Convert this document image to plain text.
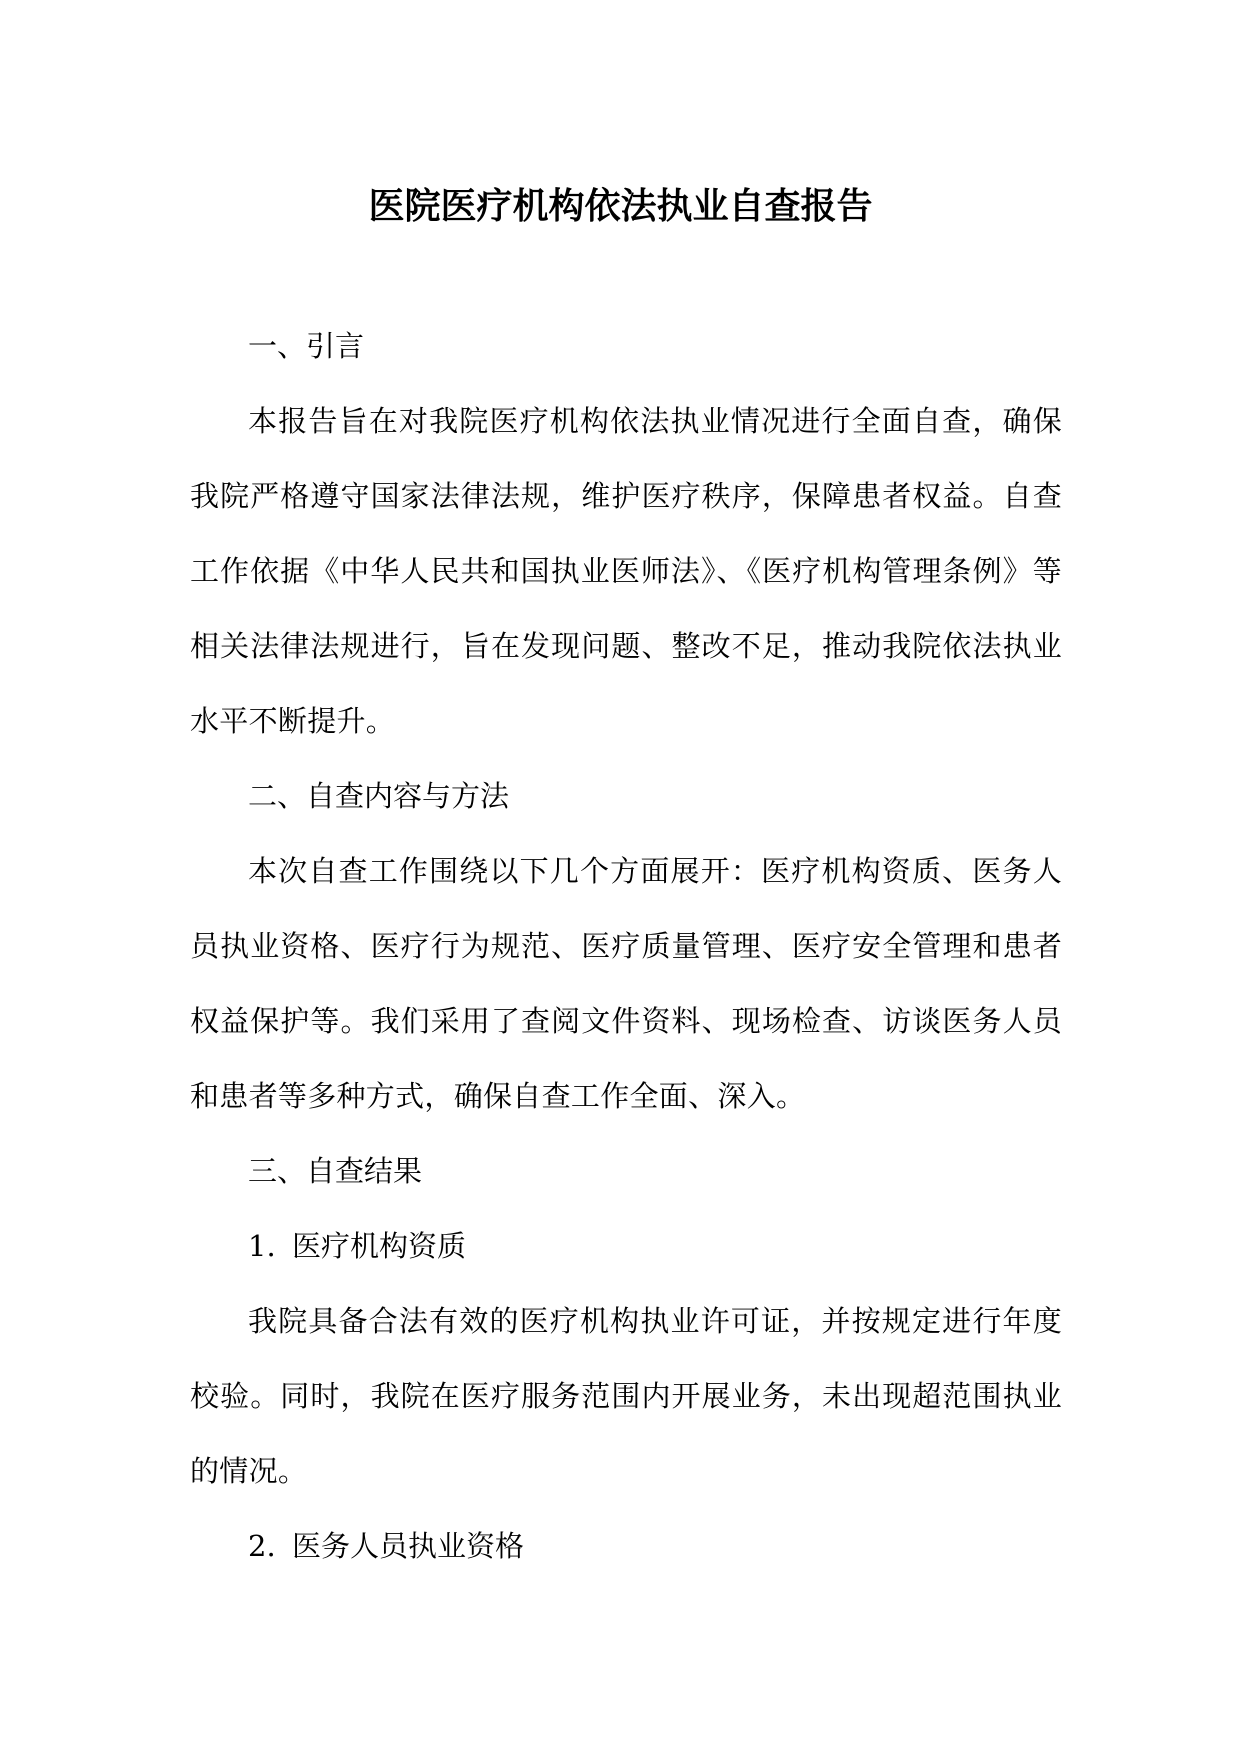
医院医疗机构依法执业自查报告

一、引言

本报告旨在对我院医疗机构依法执业情况进行全面自查，确保我院严格遵守国家法律法规，维护医疗秩序，保障患者权益。自查工作依据《中华人民共和国执业医师法》、《医疗机构管理条例》等相关法律法规进行，旨在发现问题、整改不足，推动我院依法执业水平不断提升。

二、自查内容与方法

本次自查工作围绕以下几个方面展开：医疗机构资质、医务人员执业资格、医疗行为规范、医疗质量管理、医疗安全管理和患者权益保护等。我们采用了查阅文件资料、现场检查、访谈医务人员和患者等多种方式，确保自查工作全面、深入。

三、自查结果

1. 医疗机构资质

我院具备合法有效的医疗机构执业许可证，并按规定进行年度校验。同时，我院在医疗服务范围内开展业务，未出现超范围执业的情况。

2. 医务人员执业资格
